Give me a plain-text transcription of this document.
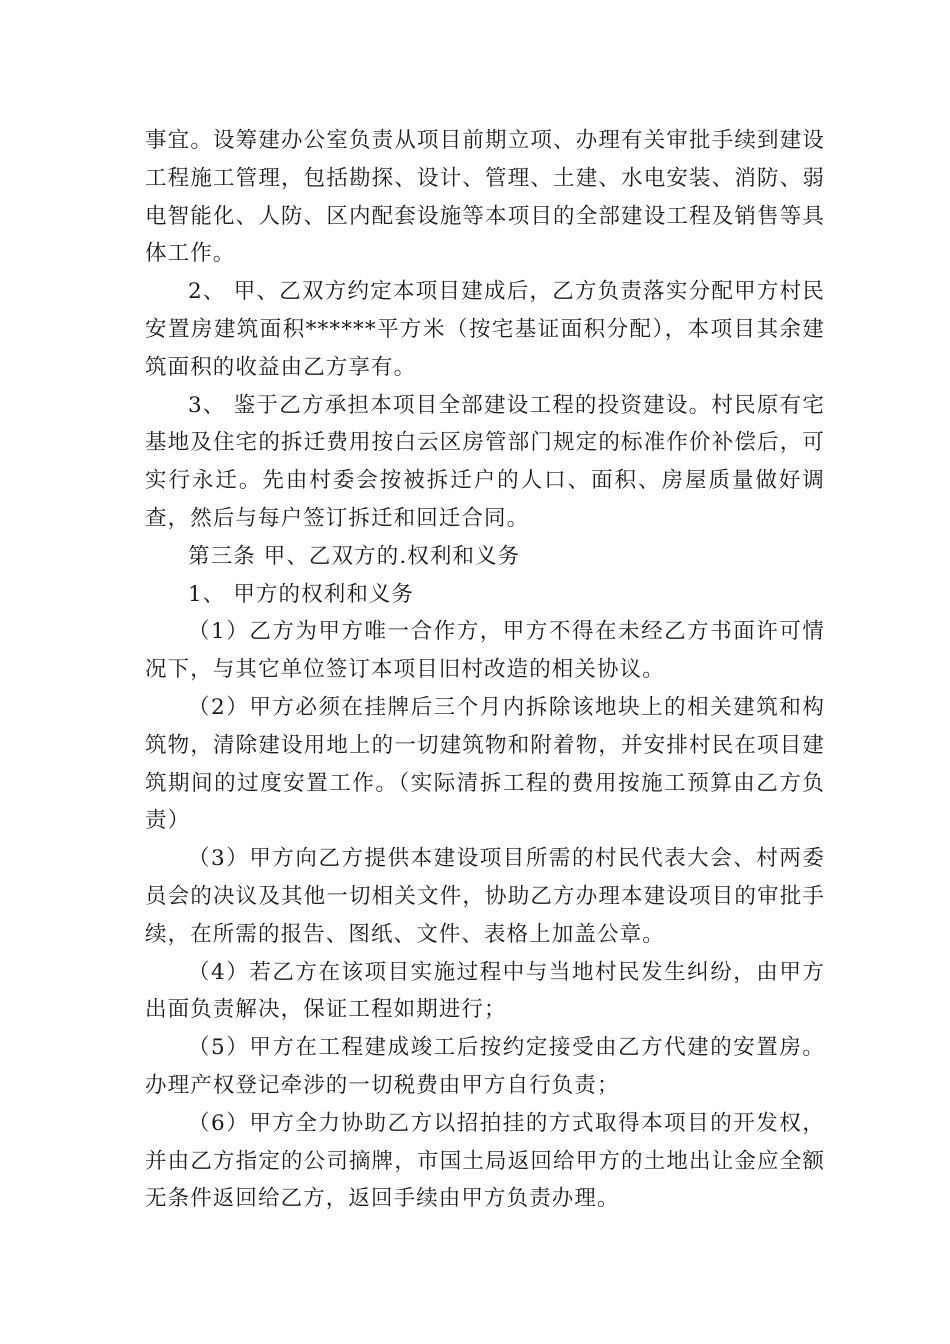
事宜。设筹建办公室负责从项目前期立项、办理有关审批手续到建设工程施工管理，包括勘探、设计、管理、土建、水电安装、消防、弱电智能化、人防、区内配套设施等本项目的全部建设工程及销售等具体工作。

2、 甲、乙双方约定本项目建成后，乙方负责落实分配甲方村民安置房建筑面积******平方米（按宅基证面积分配），本项目其余建筑面积的收益由乙方享有。

3、 鉴于乙方承担本项目全部建设工程的投资建设。村民原有宅基地及住宅的拆迁费用按白云区房管部门规定的标准作价补偿后，可实行永迁。先由村委会按被拆迁户的人口、面积、房屋质量做好调查，然后与每户签订拆迁和回迁合同。

第三条 甲、乙双方的.权利和义务

1、 甲方的权利和义务

（1）乙方为甲方唯一合作方，甲方不得在未经乙方书面许可情况下，与其它单位签订本项目旧村改造的相关协议。

（2）甲方必须在挂牌后三个月内拆除该地块上的相关建筑和构筑物，清除建设用地上的一切建筑物和附着物，并安排村民在项目建筑期间的过度安置工作。（实际清拆工程的费用按施工预算由乙方负责）

（3）甲方向乙方提供本建设项目所需的村民代表大会、村两委员会的决议及其他一切相关文件，协助乙方办理本建设项目的审批手续，在所需的报告、图纸、文件、表格上加盖公章。

（4）若乙方在该项目实施过程中与当地村民发生纠纷，由甲方出面负责解决，保证工程如期进行；

（5）甲方在工程建成竣工后按约定接受由乙方代建的安置房。办理产权登记牵涉的一切税费由甲方自行负责；

（6）甲方全力协助乙方以招拍挂的方式取得本项目的开发权，并由乙方指定的公司摘牌，市国土局返回给甲方的土地出让金应全额无条件返回给乙方，返回手续由甲方负责办理。
